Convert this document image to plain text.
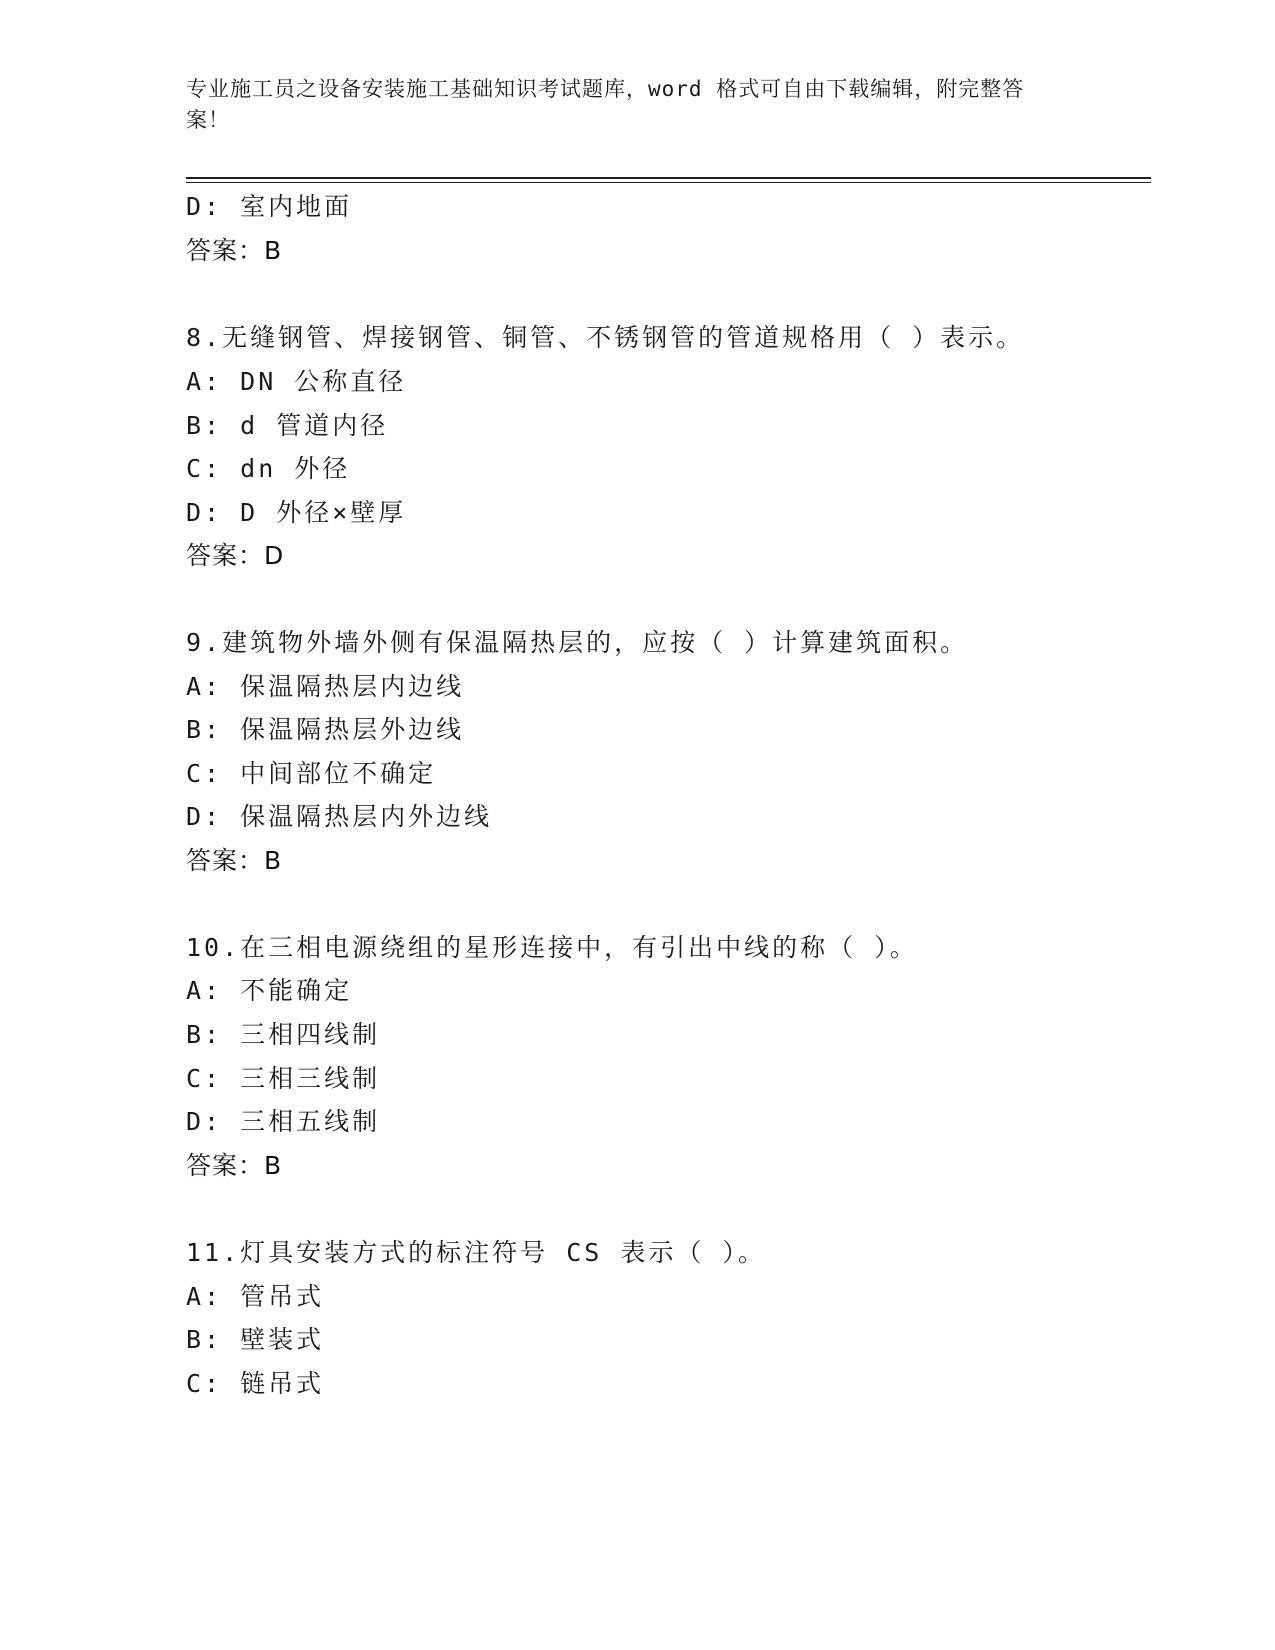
专业施工员之设备安装施工基础知识考试题库，word 格式可自由下载编辑，附完整答案！
D: 室内地面
答案：B
8.无缝钢管、焊接钢管、铜管、不锈钢管的管道规格用（ ）表示。
A: DN 公称直径
B: d 管道内径
C: dn 外径
D: D 外径×壁厚
答案：D
9.建筑物外墙外侧有保温隔热层的，应按（ ）计算建筑面积。
A: 保温隔热层内边线
B: 保温隔热层外边线
C: 中间部位不确定
D: 保温隔热层内外边线
答案：B
10.在三相电源绕组的星形连接中，有引出中线的称（ ）。
A: 不能确定
B: 三相四线制
C: 三相三线制
D: 三相五线制
答案：B
11.灯具安装方式的标注符号 CS 表示（ ）。
A: 管吊式
B: 壁装式
C: 链吊式
